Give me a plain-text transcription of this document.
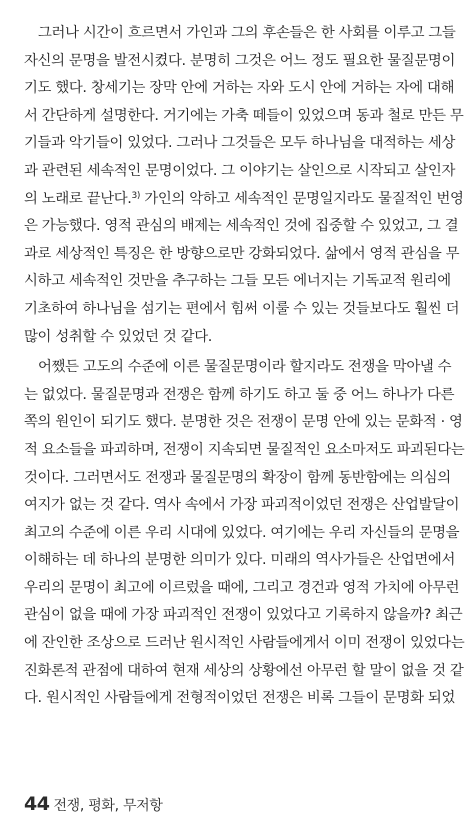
그러나 시간이 흐르면서 가인과 그의 후손들은 한 사회를 이루고 그들
자신의 문명을 발전시켰다. 분명히 그것은 어느 정도 필요한 물질문명이
기도 했다. 창세기는 장막 안에 거하는 자와 도시 안에 거하는 자에 대해
서 간단하게 설명한다. 거기에는 가축 떼들이 있었으며 동과 철로 만든 무
기들과 악기들이 있었다. 그러나 그것들은 모두 하나님을 대적하는 세상
과 관련된 세속적인 문명이었다. 그 이야기는 살인으로 시작되고 살인자
의 노래로 끝난다.$^{3)}$ 가인의 악하고 세속적인 문명일지라도 물질적인 번영
은 가능했다. 영적 관심의 배제는 세속적인 것에 집중할 수 있었고, 그 결
과로 세상적인 특징은 한 방향으로만 강화되었다. 삶에서 영적 관심을 무
시하고 세속적인 것만을 추구하는 그들 모든 에너지는 기독교적 원리에
기초하여 하나님을 섬기는 편에서 힘써 이룰 수 있는 것들보다도 훨씬 더
많이 성취할 수 있었던 것 같다.
어쨌든 고도의 수준에 이른 물질문명이라 할지라도 전쟁을 막아낼 수
는 없었다. 물질문명과 전쟁은 함께 하기도 하고 둘 중 어느 하나가 다른
쪽의 원인이 되기도 했다. 분명한 것은 전쟁이 문명 안에 있는 문화적 · 영
적 요소들을 파괴하며, 전쟁이 지속되면 물질적인 요소마저도 파괴된다는
것이다. 그러면서도 전쟁과 물질문명의 확장이 함께 동반함에는 의심의
여지가 없는 것 같다. 역사 속에서 가장 파괴적이었던 전쟁은 산업발달이
최고의 수준에 이른 우리 시대에 있었다. 여기에는 우리 자신들의 문명을
이해하는 데 하나의 분명한 의미가 있다. 미래의 역사가들은 산업면에서
우리의 문명이 최고에 이르렀을 때에, 그리고 경건과 영적 가치에 아무런
관심이 없을 때에 가장 파괴적인 전쟁이 있었다고 기록하지 않을까? 최근
에 잔인한 조상으로 드러난 원시적인 사람들에게서 이미 전쟁이 있었다는
진화론적 관점에 대하여 현재 세상의 상황에선 아무런 할 말이 없을 것 같
다. 원시적인 사람들에게 전형적이었던 전쟁은 비록 그들이 문명화 되었
44 전쟁, 평화, 무저항
